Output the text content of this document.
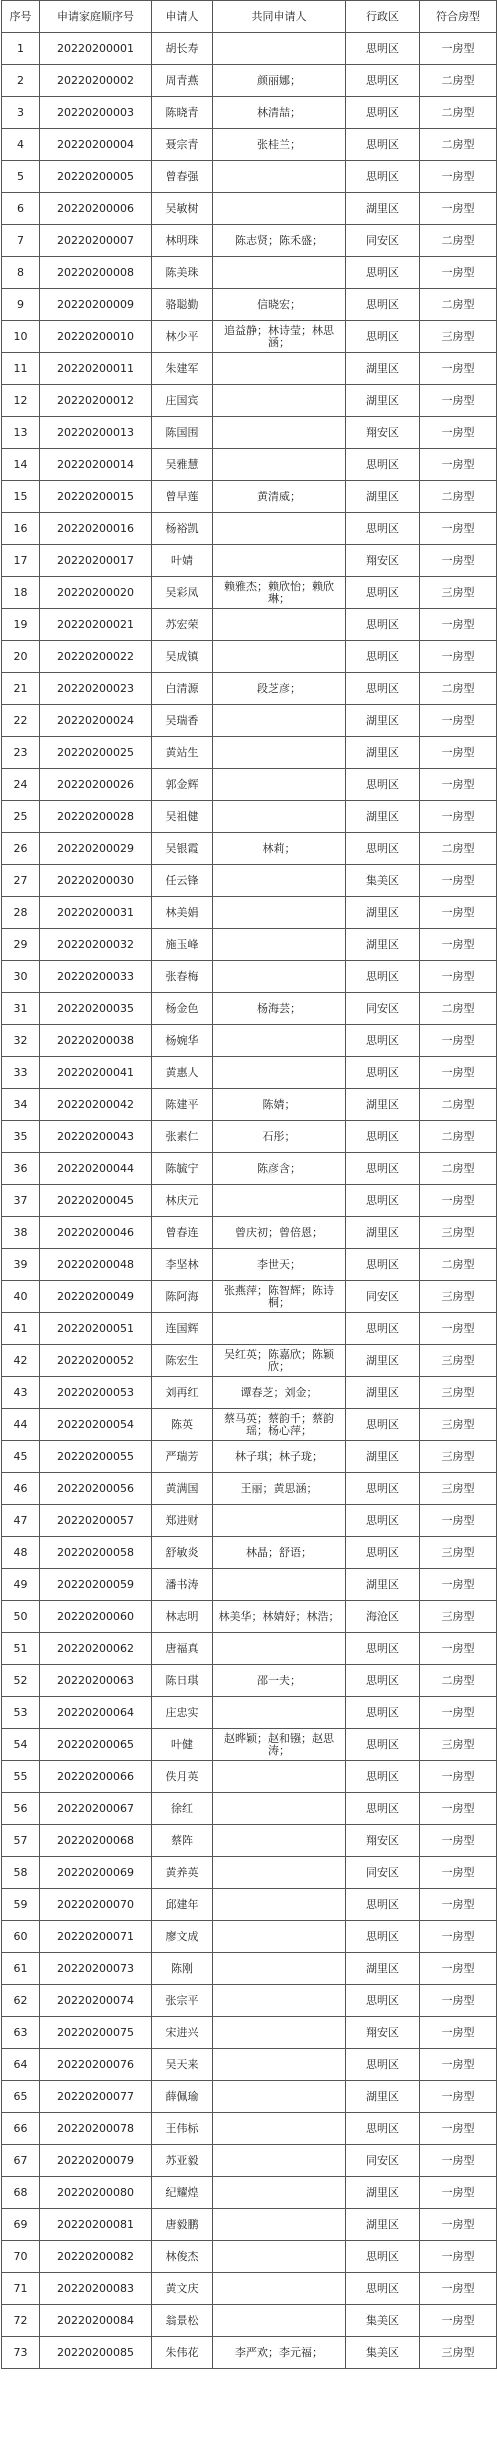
序号	申请家庭顺序号	申请人	共同申请人	行政区	符合房型
1	20220200001	胡长寿		思明区	一房型
2	20220200002	周青燕	颜丽娜；	思明区	二房型
3	20220200003	陈晓青	林清喆；	思明区	二房型
4	20220200004	聂宗青	张桂兰；	思明区	二房型
5	20220200005	曾春强		思明区	一房型
6	20220200006	吴敏树		湖里区	一房型
7	20220200007	林明珠	陈志贤；陈禾盛；	同安区	二房型
8	20220200008	陈美珠		思明区	一房型
9	20220200009	骆聪勤	信晓宏；	思明区	二房型
10	20220200010	林少平	追益静；林诗莹；林思涵；	思明区	三房型
11	20220200011	朱建军		湖里区	一房型
12	20220200012	庄国宾		湖里区	一房型
13	20220200013	陈国围		翔安区	一房型
14	20220200014	吴雅慧		思明区	一房型
15	20220200015	曾早莲	黄清威；	湖里区	二房型
16	20220200016	杨裕凯		思明区	一房型
17	20220200017	叶婧		翔安区	一房型
18	20220200020	吴彩凤	赖雅杰；赖欣怡；赖欣琳；	思明区	三房型
19	20220200021	苏宏荣		思明区	一房型
20	20220200022	吴成镇		思明区	一房型
21	20220200023	白清源	段芝彦；	思明区	二房型
22	20220200024	吴瑞香		湖里区	一房型
23	20220200025	黄站生		湖里区	一房型
24	20220200026	郭金辉		思明区	一房型
25	20220200028	吴祖健		湖里区	一房型
26	20220200029	吴银霞	林莉；	思明区	二房型
27	20220200030	任云锋		集美区	一房型
28	20220200031	林美娟		湖里区	一房型
29	20220200032	施玉峰		湖里区	一房型
30	20220200033	张春梅		思明区	一房型
31	20220200035	杨金色	杨海芸；	同安区	二房型
32	20220200038	杨婉华		思明区	一房型
33	20220200041	黄惠人		思明区	一房型
34	20220200042	陈建平	陈婧；	湖里区	二房型
35	20220200043	张素仁	石彤；	思明区	二房型
36	20220200044	陈毓宁	陈彦含；	思明区	二房型
37	20220200045	林庆元		思明区	一房型
38	20220200046	曾春连	曾庆初；曾倍恩；	湖里区	三房型
39	20220200048	李坚林	李世天；	思明区	二房型
40	20220200049	陈阿海	张燕萍；陈智辉；陈诗桐；	同安区	三房型
41	20220200051	连国辉		思明区	一房型
42	20220200052	陈宏生	吴红英；陈嘉欣；陈颖欣；	湖里区	三房型
43	20220200053	刘再红	谭春芝；刘金；	湖里区	三房型
44	20220200054	陈英	蔡马英；蔡韵千；蔡韵瑶；杨心萍；	思明区	三房型
45	20220200055	严瑞芳	林子琪；林子珑；	湖里区	三房型
46	20220200056	黄满国	王丽；黄思涵；	思明区	三房型
47	20220200057	郑进财		思明区	一房型
48	20220200058	舒敏炎	林晶；舒语；	思明区	三房型
49	20220200059	潘书涛		湖里区	一房型
50	20220200060	林志明	林美华；林婧妤；林浩；	海沧区	三房型
51	20220200062	唐福真		思明区	一房型
52	20220200063	陈日琪	邵一夫；	思明区	二房型
53	20220200064	庄忠实		思明区	一房型
54	20220200065	叶健	赵晔颖；赵和镪；赵思涛；	思明区	三房型
55	20220200066	佚月英		思明区	一房型
56	20220200067	徐红		思明区	一房型
57	20220200068	蔡阵		翔安区	一房型
58	20220200069	黄养英		同安区	一房型
59	20220200070	邱建年		思明区	一房型
60	20220200071	廖文成		思明区	一房型
61	20220200073	陈刚		湖里区	一房型
62	20220200074	张宗平		思明区	一房型
63	20220200075	宋进兴		翔安区	一房型
64	20220200076	吴天来		思明区	一房型
65	20220200077	薛佩瑜		湖里区	一房型
66	20220200078	王伟标		思明区	一房型
67	20220200079	苏亚毅		同安区	一房型
68	20220200080	纪耀煌		湖里区	一房型
69	20220200081	唐毅鹏		湖里区	一房型
70	20220200082	林俊杰		思明区	一房型
71	20220200083	黄文庆		思明区	一房型
72	20220200084	翁景松		集美区	一房型
73	20220200085	朱伟花	李严欢；李元福；	集美区	三房型
